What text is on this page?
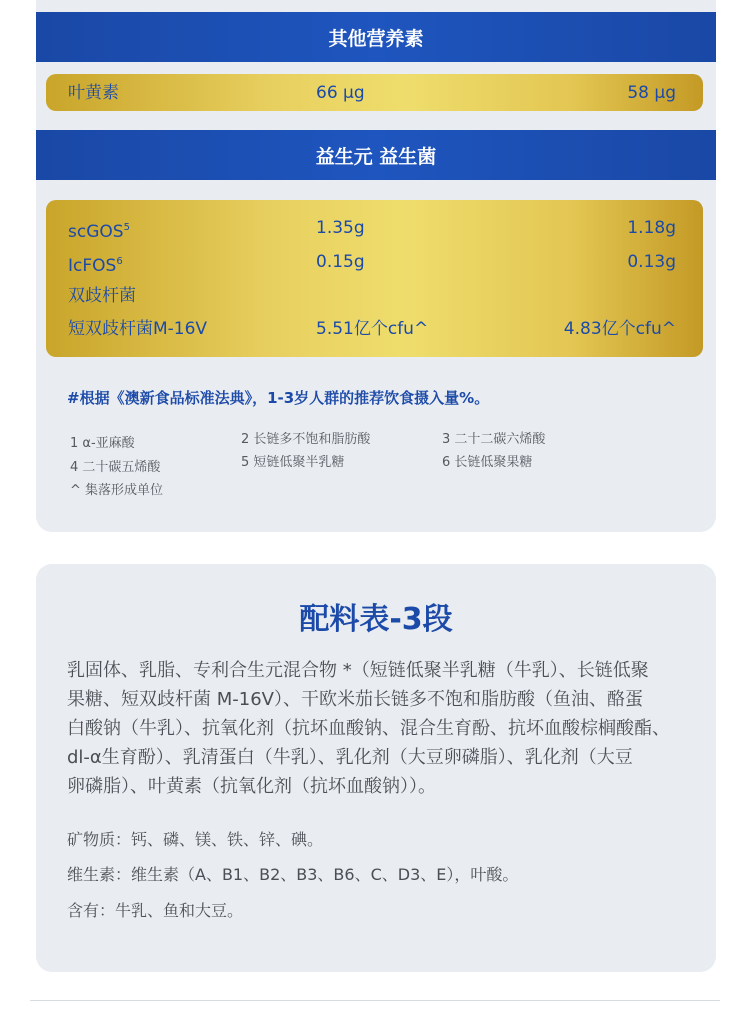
其他营养素
叶黄素	66 μg	58 μg
益生元 益生菌
scGOS$^5$	1.35g	1.18g
IcFOS$^6$	0.15g	0.13g
双歧杆菌
短双歧杆菌M-16V	5.51亿个cfu^	4.83亿个cfu^
#根据《澳新食品标准法典》，1-3岁人群的推荐饮食摄入量%。
1 α-亚麻酸	2 长链多不饱和脂肪酸	3 二十二碳六烯酸
4 二十碳五烯酸	5 短链低聚半乳糖	6 长链低聚果糖
^ 集落形成单位
配料表-3段
乳固体、乳脂、专利合生元混合物 *（短链低聚半乳糖（牛乳）、长链低聚
果糖、短双歧杆菌 M-16V）、干欧米茄长链多不饱和脂肪酸（鱼油、酪蛋
白酸钠（牛乳）、抗氧化剂（抗坏血酸钠、混合生育酚、抗坏血酸棕榈酸酯、
dl-α生育酚）、乳清蛋白（牛乳）、乳化剂（大豆卵磷脂）、乳化剂（大豆
卵磷脂）、叶黄素（抗氧化剂（抗坏血酸钠））。
矿物质：钙、磷、镁、铁、锌、碘。
维生素：维生素（A、B1、B2、B3、B6、C、D3、E），叶酸。
含有：牛乳、鱼和大豆。
